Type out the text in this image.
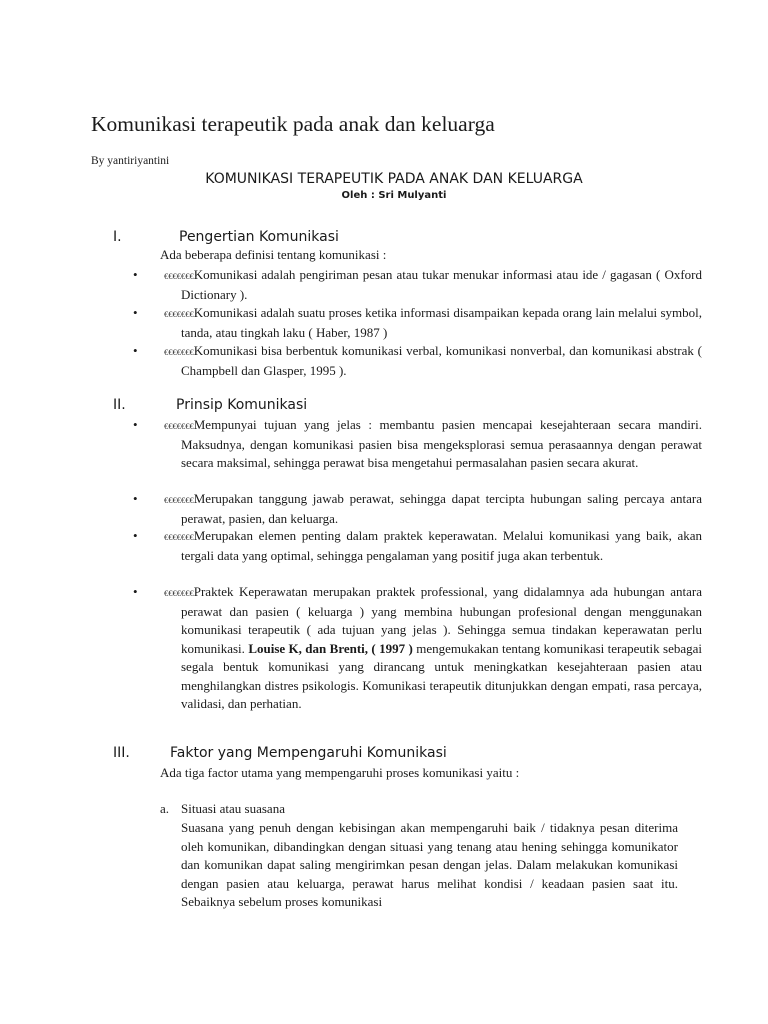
Komunikasi terapeutik pada anak dan keluarga
By yantiriyantini
KOMUNIKASI TERAPEUTIK PADA ANAK DAN KELUARGA
Oleh : Sri Mulyanti
I.	Pengertian Komunikasi
Ada beberapa definisi tentang komunikasi :
•	€€€€€€€Komunikasi adalah pengiriman pesan atau tukar menukar informasi atau ide / gagasan ( Oxford Dictionary ).
•	€€€€€€€Komunikasi adalah suatu proses ketika informasi disampaikan kepada orang lain melalui symbol, tanda, atau tingkah laku ( Haber, 1987 )
•	€€€€€€€Komunikasi bisa berbentuk komunikasi verbal, komunikasi nonverbal, dan komunikasi abstrak ( Champbell dan Glasper, 1995 ).
II.	Prinsip Komunikasi
•	€€€€€€€Mempunyai tujuan yang jelas : membantu pasien mencapai kesejahteraan secara mandiri. Maksudnya, dengan komunikasi pasien bisa mengeksplorasi semua perasaannya dengan perawat secara maksimal, sehingga perawat bisa mengetahui permasalahan pasien secara akurat.
•	€€€€€€€Merupakan tanggung jawab perawat, sehingga dapat tercipta hubungan saling percaya antara perawat, pasien, dan keluarga.
•	€€€€€€€Merupakan elemen penting dalam praktek keperawatan. Melalui komunikasi yang baik, akan tergali data yang optimal, sehingga pengalaman yang positif juga akan terbentuk.
•	€€€€€€€Praktek Keperawatan merupakan praktek professional, yang didalamnya ada hubungan antara perawat dan pasien ( keluarga ) yang membina hubungan profesional dengan menggunakan komunikasi terapeutik ( ada tujuan yang jelas ). Sehingga semua tindakan keperawatan perlu komunikasi. Louise K, dan Brenti, ( 1997 ) mengemukakan tentang komunikasi terapeutik sebagai segala bentuk komunikasi yang dirancang untuk meningkatkan kesejahteraan pasien atau menghilangkan distres psikologis. Komunikasi terapeutik ditunjukkan dengan empati, rasa percaya, validasi, dan perhatian.
III.	Faktor yang Mempengaruhi Komunikasi
Ada tiga factor utama yang mempengaruhi proses komunikasi yaitu :
a. Situasi atau suasana
Suasana yang penuh dengan kebisingan akan mempengaruhi baik / tidaknya pesan diterima oleh komunikan, dibandingkan dengan situasi yang tenang atau hening sehingga komunikator dan komunikan dapat saling mengirimkan pesan dengan jelas. Dalam melakukan komunikasi dengan pasien atau keluarga, perawat harus melihat kondisi / keadaan pasien saat itu. Sebaiknya sebelum proses komunikasi
